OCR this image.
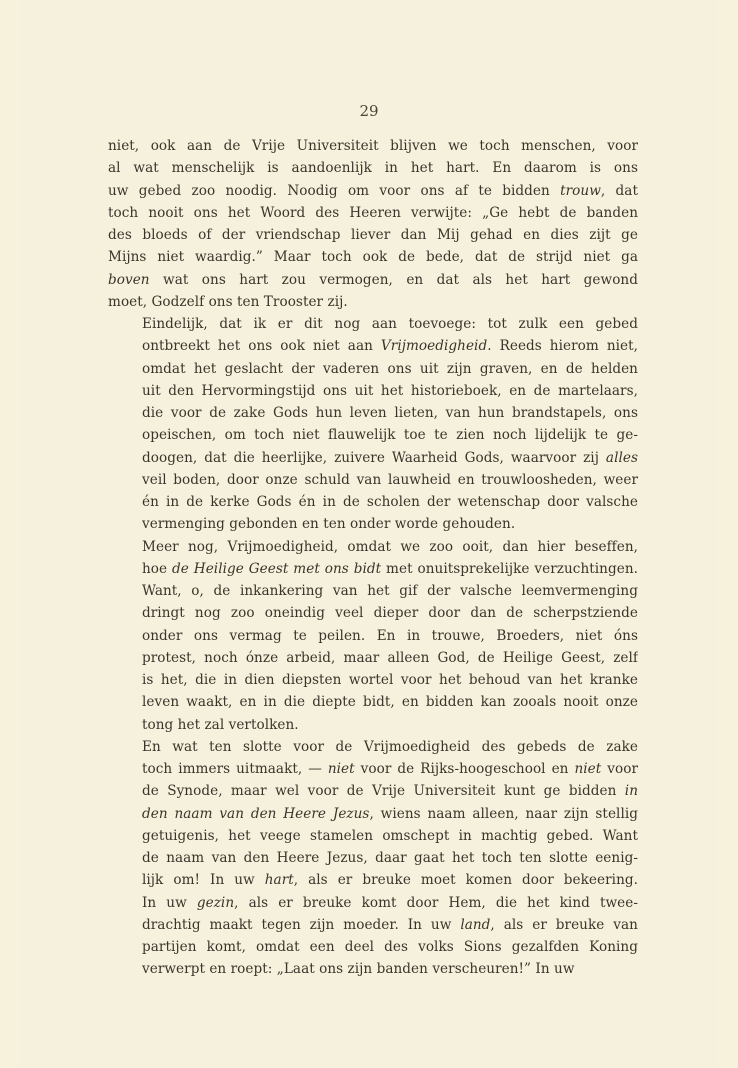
29
niet, ook aan de Vrije Universiteit blijven we toch menschen, voor
al wat menschelijk is aandoenlijk in het hart. En daarom is ons
uw gebed zoo noodig. Noodig om voor ons af te bidden trouw, dat
toch nooit ons het Woord des Heeren verwijte: „Ge hebt de banden
des bloeds of der vriendschap liever dan Mij gehad en dies zijt ge
Mijns niet waardig.” Maar toch ook de bede, dat de strijd niet ga
boven wat ons hart zou vermogen, en dat als het hart gewond
moet, Godzelf ons ten Trooster zij.
Eindelijk, dat ik er dit nog aan toevoege: tot zulk een gebed
ontbreekt het ons ook niet aan Vrijmoedigheid. Reeds hierom niet,
omdat het geslacht der vaderen ons uit zijn graven, en de helden
uit den Hervormingstijd ons uit het historieboek, en de martelaars,
die voor de zake Gods hun leven lieten, van hun brandstapels, ons
opeischen, om toch niet flauwelijk toe te zien noch lijdelijk te ge-
doogen, dat die heerlijke, zuivere Waarheid Gods, waarvoor zij alles
veil boden, door onze schuld van lauwheid en trouwloosheden, weer
én in de kerke Gods én in de scholen der wetenschap door valsche
vermenging gebonden en ten onder worde gehouden.
Meer nog, Vrijmoedigheid, omdat we zoo ooit, dan hier beseffen,
hoe de Heilige Geest met ons bidt met onuitsprekelijke verzuchtingen.
Want, o, de inkankering van het gif der valsche leemvermenging
dringt nog zoo oneindig veel dieper door dan de scherpstziende
onder ons vermag te peilen. En in trouwe, Broeders, niet óns
protest, noch ónze arbeid, maar alleen God, de Heilige Geest, zelf
is het, die in dien diepsten wortel voor het behoud van het kranke
leven waakt, en in die diepte bidt, en bidden kan zooals nooit onze
tong het zal vertolken.
En wat ten slotte voor de Vrijmoedigheid des gebeds de zake
toch immers uitmaakt, — niet voor de Rijks-hoogeschool en niet voor
de Synode, maar wel voor de Vrije Universiteit kunt ge bidden in
den naam van den Heere Jezus, wiens naam alleen, naar zijn stellig
getuigenis, het veege stamelen omschept in machtig gebed. Want
de naam van den Heere Jezus, daar gaat het toch ten slotte eenig-
lijk om! In uw hart, als er breuke moet komen door bekeering.
In uw gezin, als er breuke komt door Hem, die het kind twee-
drachtig maakt tegen zijn moeder. In uw land, als er breuke van
partijen komt, omdat een deel des volks Sions gezalfden Koning
verwerpt en roept: „Laat ons zijn banden verscheuren!” In uw
